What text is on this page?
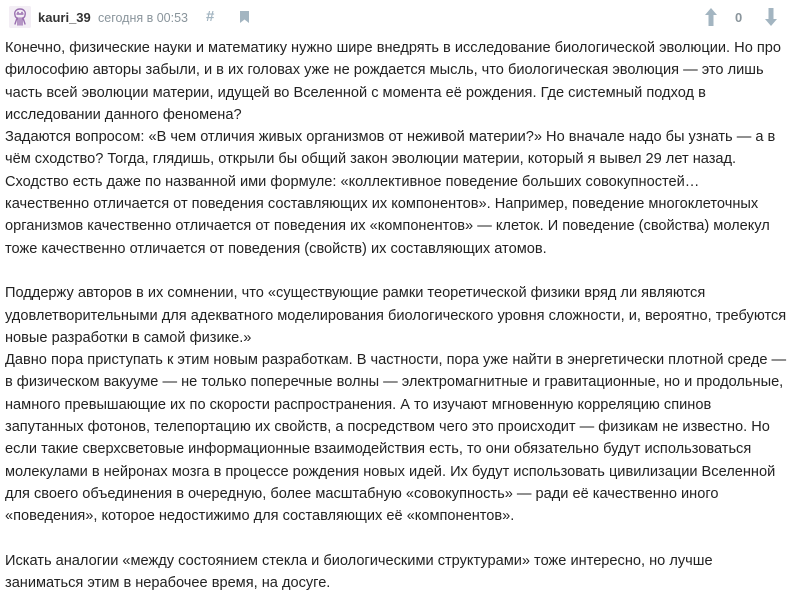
kauri_39 сегодня в 00:53 #	0

Конечно, физические науки и математику нужно шире внедрять в исследование биологической эволюции. Но про философию авторы забыли, и в их головах уже не рождается мысль, что биологическая эволюция — это лишь часть всей эволюции материи, идущей во Вселенной с момента её рождения. Где системный подход в исследовании данного феномена?

Задаются вопросом: «В чем отличия живых организмов от неживой материи?» Но вначале надо бы узнать — а в чём сходство? Тогда, глядишь, открыли бы общий закон эволюции материи, который я вывел 29 лет назад. Сходство есть даже по названной ими формуле: «коллективное поведение больших совокупностей… качественно отличается от поведения составляющих их компонентов». Например, поведение многоклеточных организмов качественно отличается от поведения их «компонентов» — клеток. И поведение (свойства) молекул тоже качественно отличается от поведения (свойств) их составляющих атомов.

Поддержу авторов в их сомнении, что «существующие рамки теоретической физики вряд ли являются удовлетворительными для адекватного моделирования биологического уровня сложности, и, вероятно, требуются новые разработки в самой физике.»

Давно пора приступать к этим новым разработкам. В частности, пора уже найти в энергетически плотной среде — в физическом вакууме — не только поперечные волны — электромагнитные и гравитационные, но и продольные, намного превышающие их по скорости распространения. А то изучают мгновенную корреляцию спинов запутанных фотонов, телепортацию их свойств, а посредством чего это происходит — физикам не известно. Но если такие сверхсветовые информационные взаимодействия есть, то они обязательно будут использоваться молекулами в нейронах мозга в процессе рождения новых идей. Их будут использовать цивилизации Вселенной для своего объединения в очередную, более масштабную «совокупность» — ради её качественно иного «поведения», которое недостижимо для составляющих её «компонентов».

Искать аналогии «между состоянием стекла и биологическими структурами» тоже интересно, но лучше заниматься этим в нерабочее время, на досуге.
